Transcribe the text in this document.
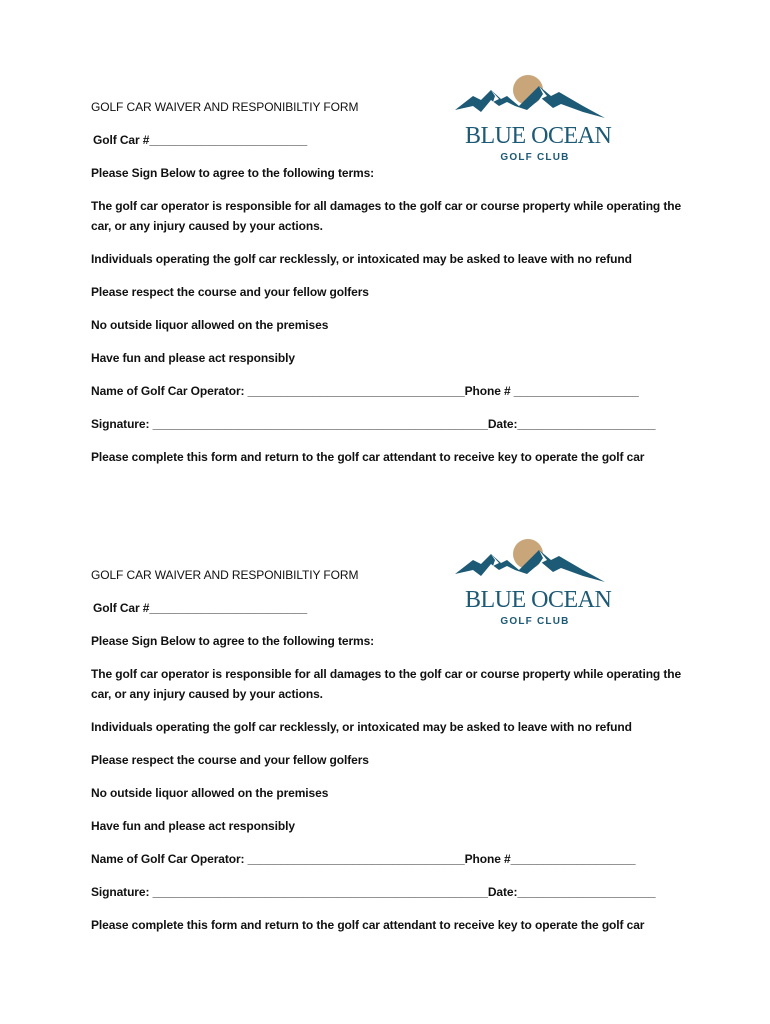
BLUE OCEAN
GOLF CLUB
GOLF CAR WAIVER AND RESPONIBILTIY FORM
Golf Car #________________________
Please Sign Below to agree to the following terms:
The golf car operator is responsible for all damages to the golf car or course property while operating the car, or any injury caused by your actions.
Individuals operating the golf car recklessly, or intoxicated may be asked to leave with no refund
Please respect the course and your fellow golfers
No outside liquor allowed on the premises
Have fun and please act responsibly
Name of Golf Car Operator: _________________________________Phone # ___________________
Signature: ___________________________________________________Date:_____________________
Please complete this form and return to the golf car attendant to receive key to operate the golf car
BLUE OCEAN
GOLF CLUB
GOLF CAR WAIVER AND RESPONIBILTIY FORM
Golf Car #________________________
Please Sign Below to agree to the following terms:
The golf car operator is responsible for all damages to the golf car or course property while operating the car, or any injury caused by your actions.
Individuals operating the golf car recklessly, or intoxicated may be asked to leave with no refund
Please respect the course and your fellow golfers
No outside liquor allowed on the premises
Have fun and please act responsibly
Name of Golf Car Operator: _________________________________Phone #___________________
Signature: ___________________________________________________Date:_____________________
Please complete this form and return to the golf car attendant to receive key to operate the golf car
